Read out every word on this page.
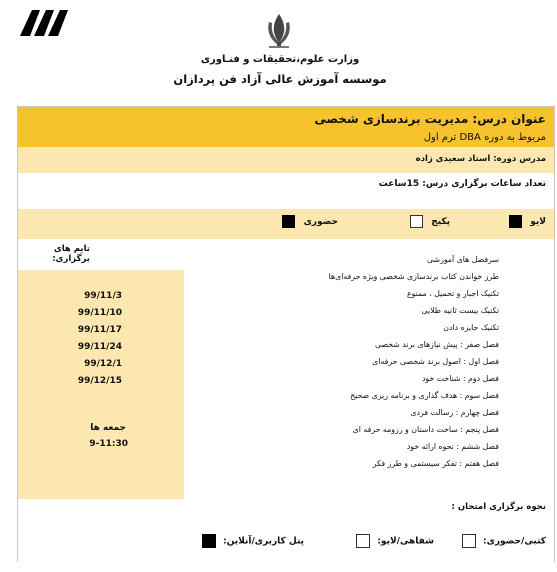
وزارت علوم،تحقیقات و فنـاوری
موسسه آموزش عالی آزاد فن پردازان
عنوان درس: مدیریت برندسازی شخصی
مربوط به دوره DBA ترم اول
مدرس دوره: استاد سعیدی زاده
تعداد ساعات برگزاری درس: 15ساعت
لایو
پکیج
حضوری
تایم های برگزاری:
99/11/3
99/11/10
99/11/17
99/11/24
99/12/1
99/12/15
جمعه ها
9-11:30
سرفصل های آموزشی
طرز خواندن کتاب برندسازی شخصی ویژه حرفه‌ای‌ها
تکنیک اجبار و تحمیل ، ممنوع
تکنیک بیست ثانیه طلایی
تکنیک جایزه دادن
فصل صفر : پیش نیازهای برند شخصی
فصل اول : اصول برند شخصی حرفه‌ای
فصل دوم : شناخت خود
فصل سوم : هدف گذاری و برنامه ریزی صحیح
فصل چهارم : رسالت فردی
فصل پنجم : ساخت داستان و رزومه حرفه ای
فصل ششم : نحوه ارائه خود
فصل هفتم : تفکر سیستمی و طرز فکر
نحوه برگزاری امتحان :
کتبی/حضوری:
شفاهی/لایو:
پنل کاربری/آنلاین:
